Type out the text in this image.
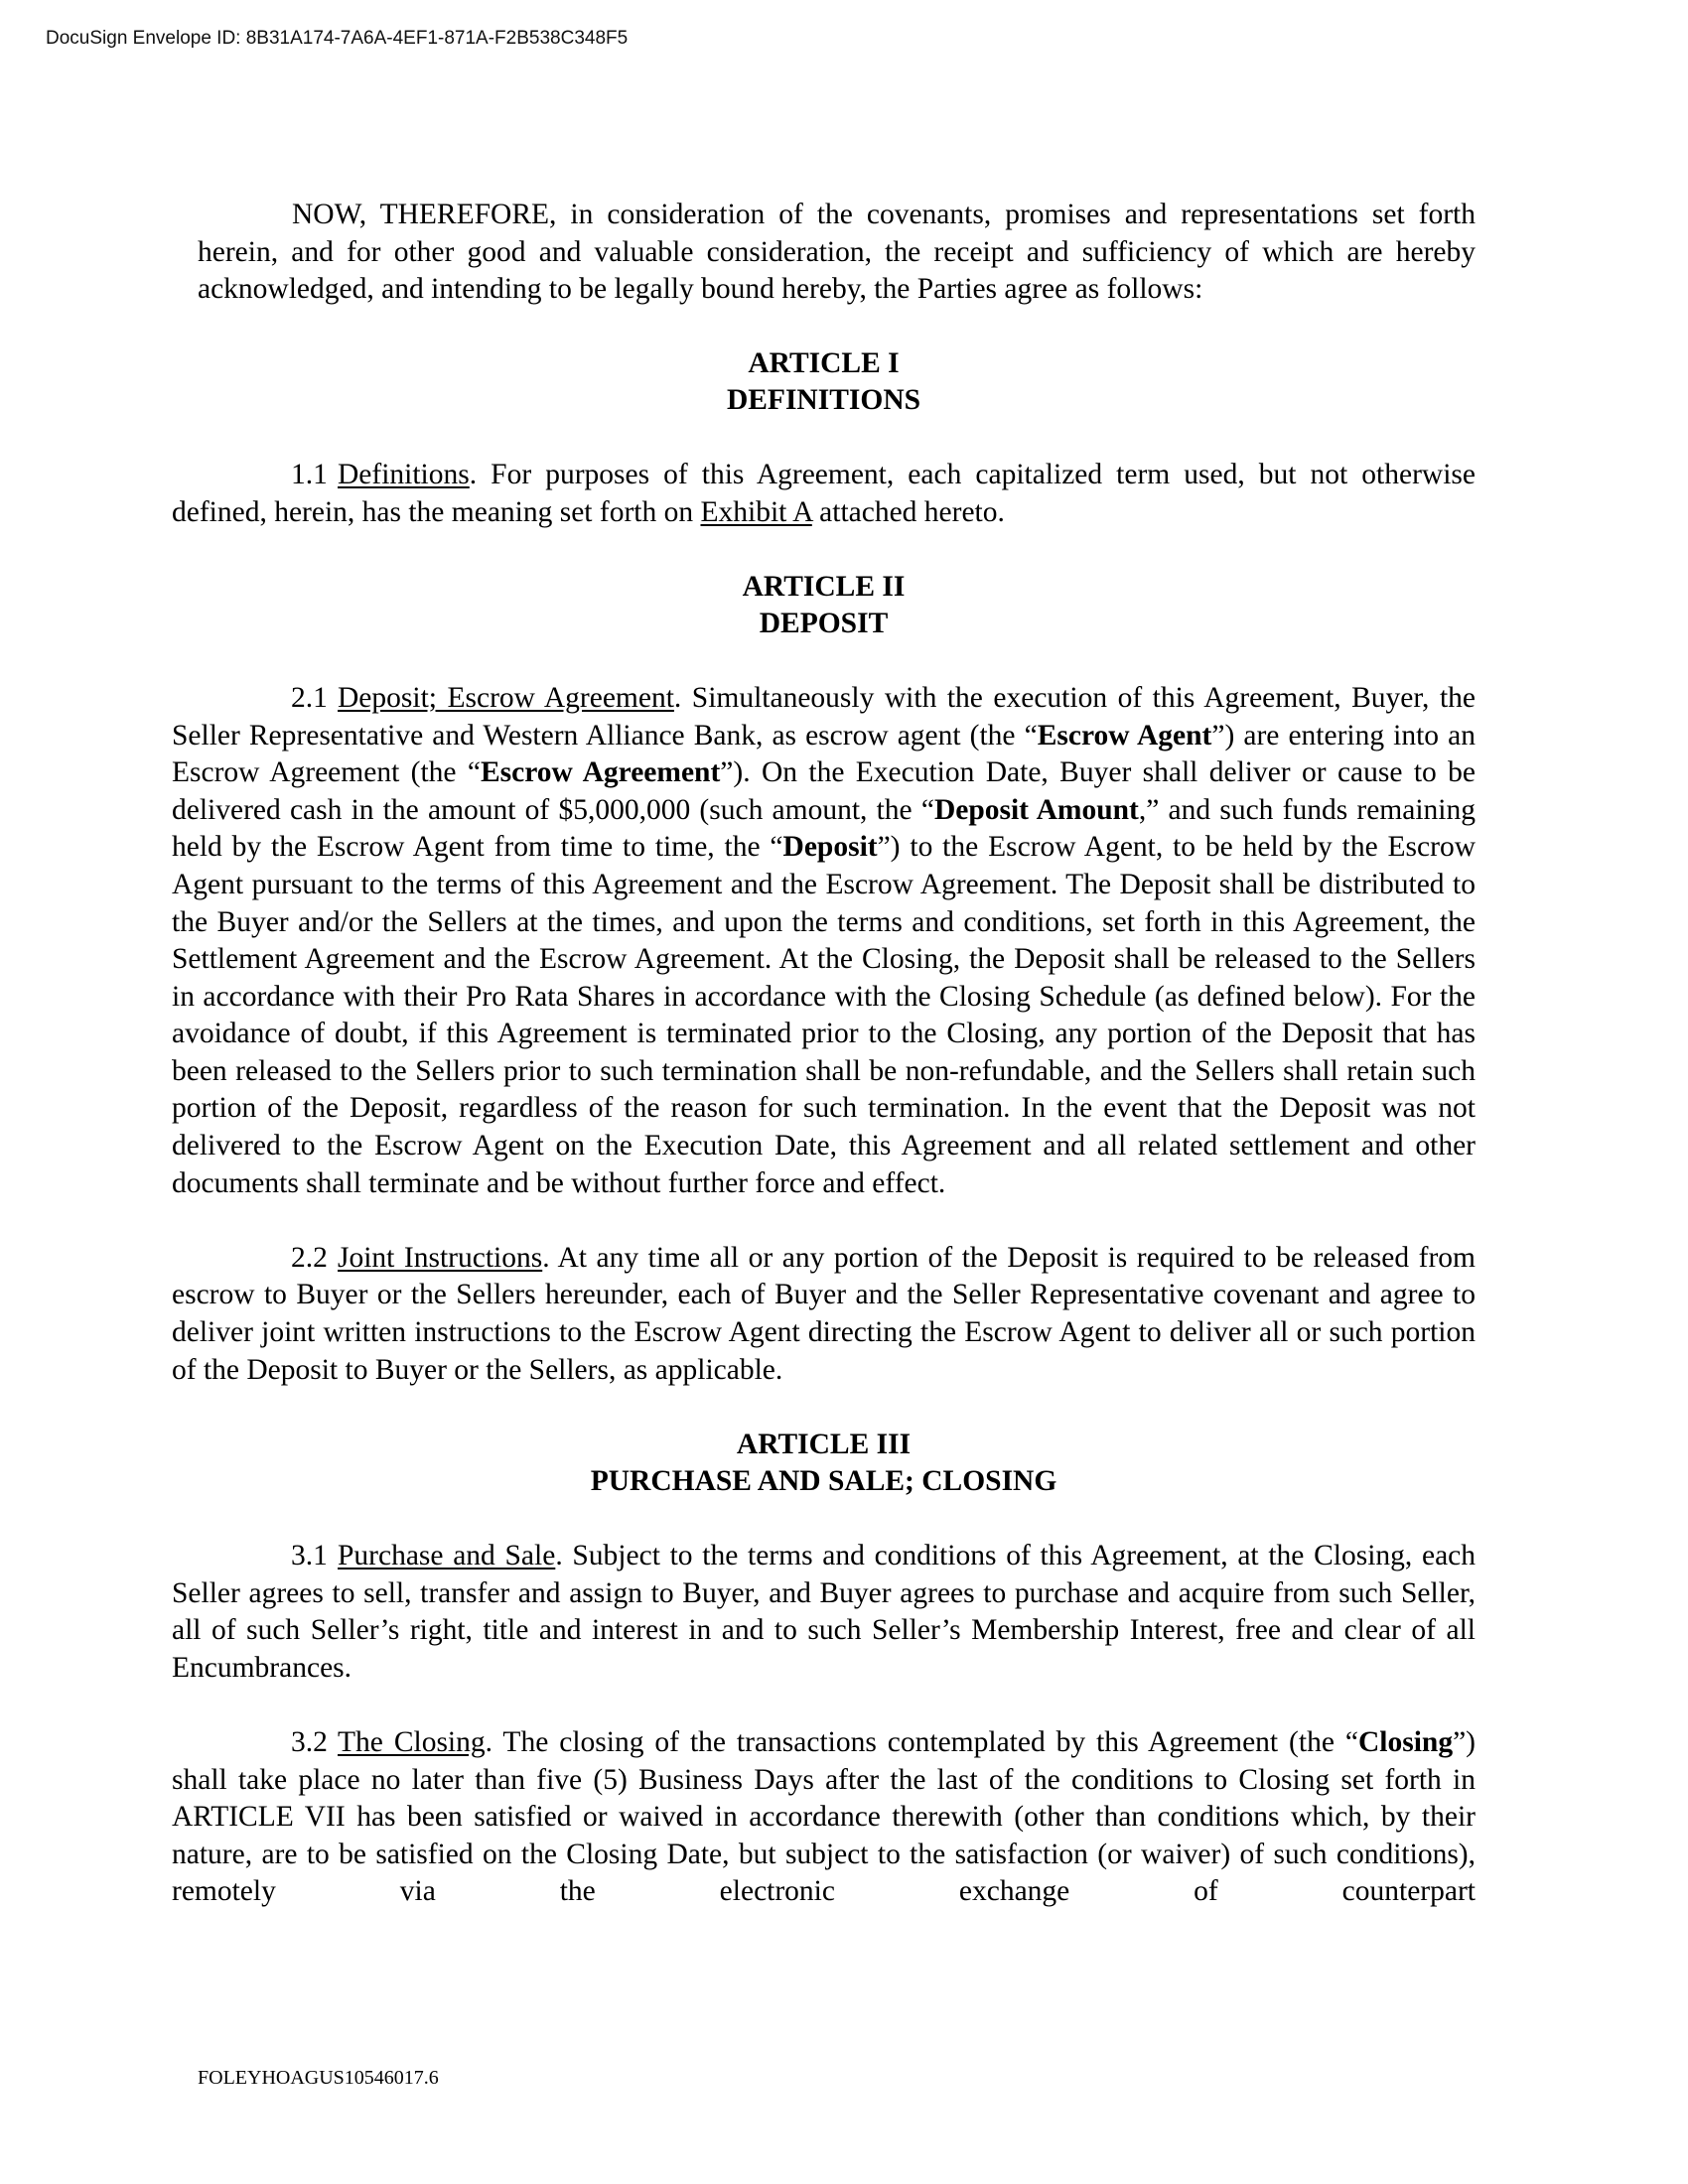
DocuSign Envelope ID: 8B31A174-7A6A-4EF1-871A-F2B538C348F5

NOW, THEREFORE, in consideration of the covenants, promises and representations set forth herein, and for other good and valuable consideration, the receipt and sufficiency of which are hereby acknowledged, and intending to be legally bound hereby, the Parties agree as follows:

ARTICLE I
DEFINITIONS

1.1 Definitions. For purposes of this Agreement, each capitalized term used, but not otherwise defined, herein, has the meaning set forth on Exhibit A attached hereto.

ARTICLE II
DEPOSIT

2.1 Deposit; Escrow Agreement. Simultaneously with the execution of this Agreement, Buyer, the Seller Representative and Western Alliance Bank, as escrow agent (the “Escrow Agent”) are entering into an Escrow Agreement (the “Escrow Agreement”). On the Execution Date, Buyer shall deliver or cause to be delivered cash in the amount of $5,000,000 (such amount, the “Deposit Amount,” and such funds remaining held by the Escrow Agent from time to time, the “Deposit”) to the Escrow Agent, to be held by the Escrow Agent pursuant to the terms of this Agreement and the Escrow Agreement. The Deposit shall be distributed to the Buyer and/or the Sellers at the times, and upon the terms and conditions, set forth in this Agreement, the Settlement Agreement and the Escrow Agreement. At the Closing, the Deposit shall be released to the Sellers in accordance with their Pro Rata Shares in accordance with the Closing Schedule (as defined below). For the avoidance of doubt, if this Agreement is terminated prior to the Closing, any portion of the Deposit that has been released to the Sellers prior to such termination shall be non-refundable, and the Sellers shall retain such portion of the Deposit, regardless of the reason for such termination. In the event that the Deposit was not delivered to the Escrow Agent on the Execution Date, this Agreement and all related settlement and other documents shall terminate and be without further force and effect.

2.2 Joint Instructions. At any time all or any portion of the Deposit is required to be released from escrow to Buyer or the Sellers hereunder, each of Buyer and the Seller Representative covenant and agree to deliver joint written instructions to the Escrow Agent directing the Escrow Agent to deliver all or such portion of the Deposit to Buyer or the Sellers, as applicable.

ARTICLE III
PURCHASE AND SALE; CLOSING

3.1 Purchase and Sale. Subject to the terms and conditions of this Agreement, at the Closing, each Seller agrees to sell, transfer and assign to Buyer, and Buyer agrees to purchase and acquire from such Seller, all of such Seller’s right, title and interest in and to such Seller’s Membership Interest, free and clear of all Encumbrances.

3.2 The Closing. The closing of the transactions contemplated by this Agreement (the “Closing”) shall take place no later than five (5) Business Days after the last of the conditions to Closing set forth in ARTICLE VII has been satisfied or waived in accordance therewith (other than conditions which, by their nature, are to be satisfied on the Closing Date, but subject to the satisfaction (or waiver) of such conditions), remotely via the electronic exchange of counterpart

FOLEYHOAGUS10546017.6
